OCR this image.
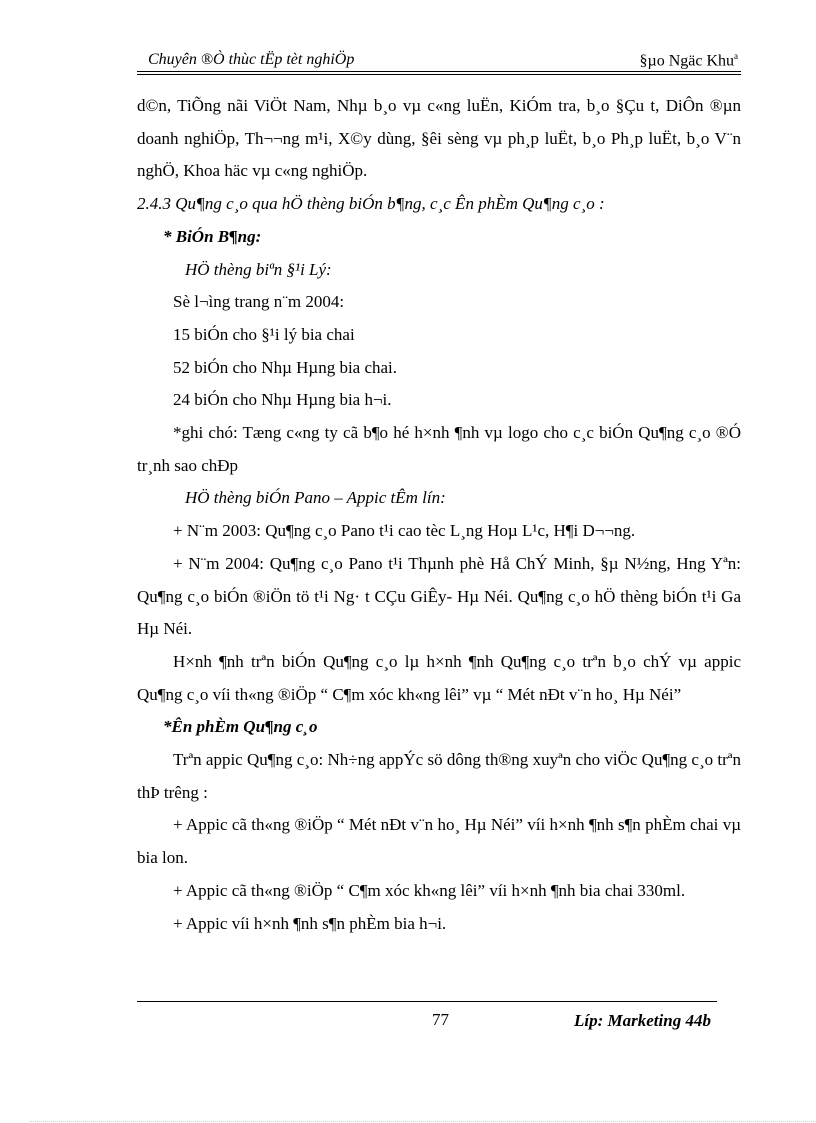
Chuyên ®Ò thùc tËp tèt nghiÖp	§µo Ngäc Khu$^a$

d©n, TiÕng nãi ViÖt Nam, Nhµ b¸o vµ c«ng luËn, KiÓm tra, b¸o §Çu t, DiÔn ®µn doanh nghiÖp, Th¬¬ng m¹i, X©y dùng, §êi sèng vµ ph¸p luËt, b¸o Ph¸p luËt, b¸o V¨n nghÖ, Khoa häc vµ c«ng nghiÖp.

2.4.3 Qu¶ng c¸o qua hÖ thèng biÓn b¶ng, c¸c Ên phÈm Qu¶ng c¸o :

* BiÓn B¶ng:

HÖ thèng biªn §¹i Lý:

Sè l¬ìng trang n¨m 2004:

15 biÓn cho §¹i lý bia chai

52 biÓn cho Nhµ Hµng bia chai.

24 biÓn cho Nhµ Hµng bia h¬i.

*ghi chó: Tæng c«ng ty cã b¶o hé h×nh ¶nh vµ logo cho c¸c biÓn Qu¶ng c¸o ®Ó tr¸nh sao chÐp

HÖ thèng biÓn Pano – Appic tÊm lín:

+ N¨m 2003: Qu¶ng c¸o Pano t¹i cao tèc L¸ng Hoµ L¹c, H¶i D¬¬ng.

+ N¨m 2004: Qu¶ng c¸o Pano t¹i Thµnh phè Hå ChÝ Minh, §µ N½ng, Hng Yªn: Qu¶ng c¸o biÓn ®iÖn tö t¹i Ng· t CÇu GiÊy- Hµ Néi. Qu¶ng c¸o hÖ thèng biÓn t¹i Ga Hµ Néi.

H×nh ¶nh trªn biÓn Qu¶ng c¸o lµ h×nh ¶nh Qu¶ng c¸o trªn b¸o chÝ vµ appic Qu¶ng c¸o víi th«ng ®iÖp “ C¶m xóc kh«ng lêi” vµ “ Mét nÐt v¨n ho¸ Hµ Néi”

*Ên phÈm Qu¶ng c¸o

Trªn appic Qu¶ng c¸o: Nh÷ng appÝc sö dông th®ng xuyªn cho viÖc Qu¶ng c¸o trªn thÞ trêng :

+ Appic cã th«ng ®iÖp “ Mét nÐt v¨n ho¸ Hµ Néi” víi h×nh ¶nh s¶n phÈm chai vµ bia lon.

+ Appic cã th«ng ®iÖp “ C¶m xóc kh«ng lêi” víi h×nh ¶nh bia chai 330ml.

+ Appic víi h×nh ¶nh s¶n phÈm bia h¬i.

77	Líp: Marketing 44b
